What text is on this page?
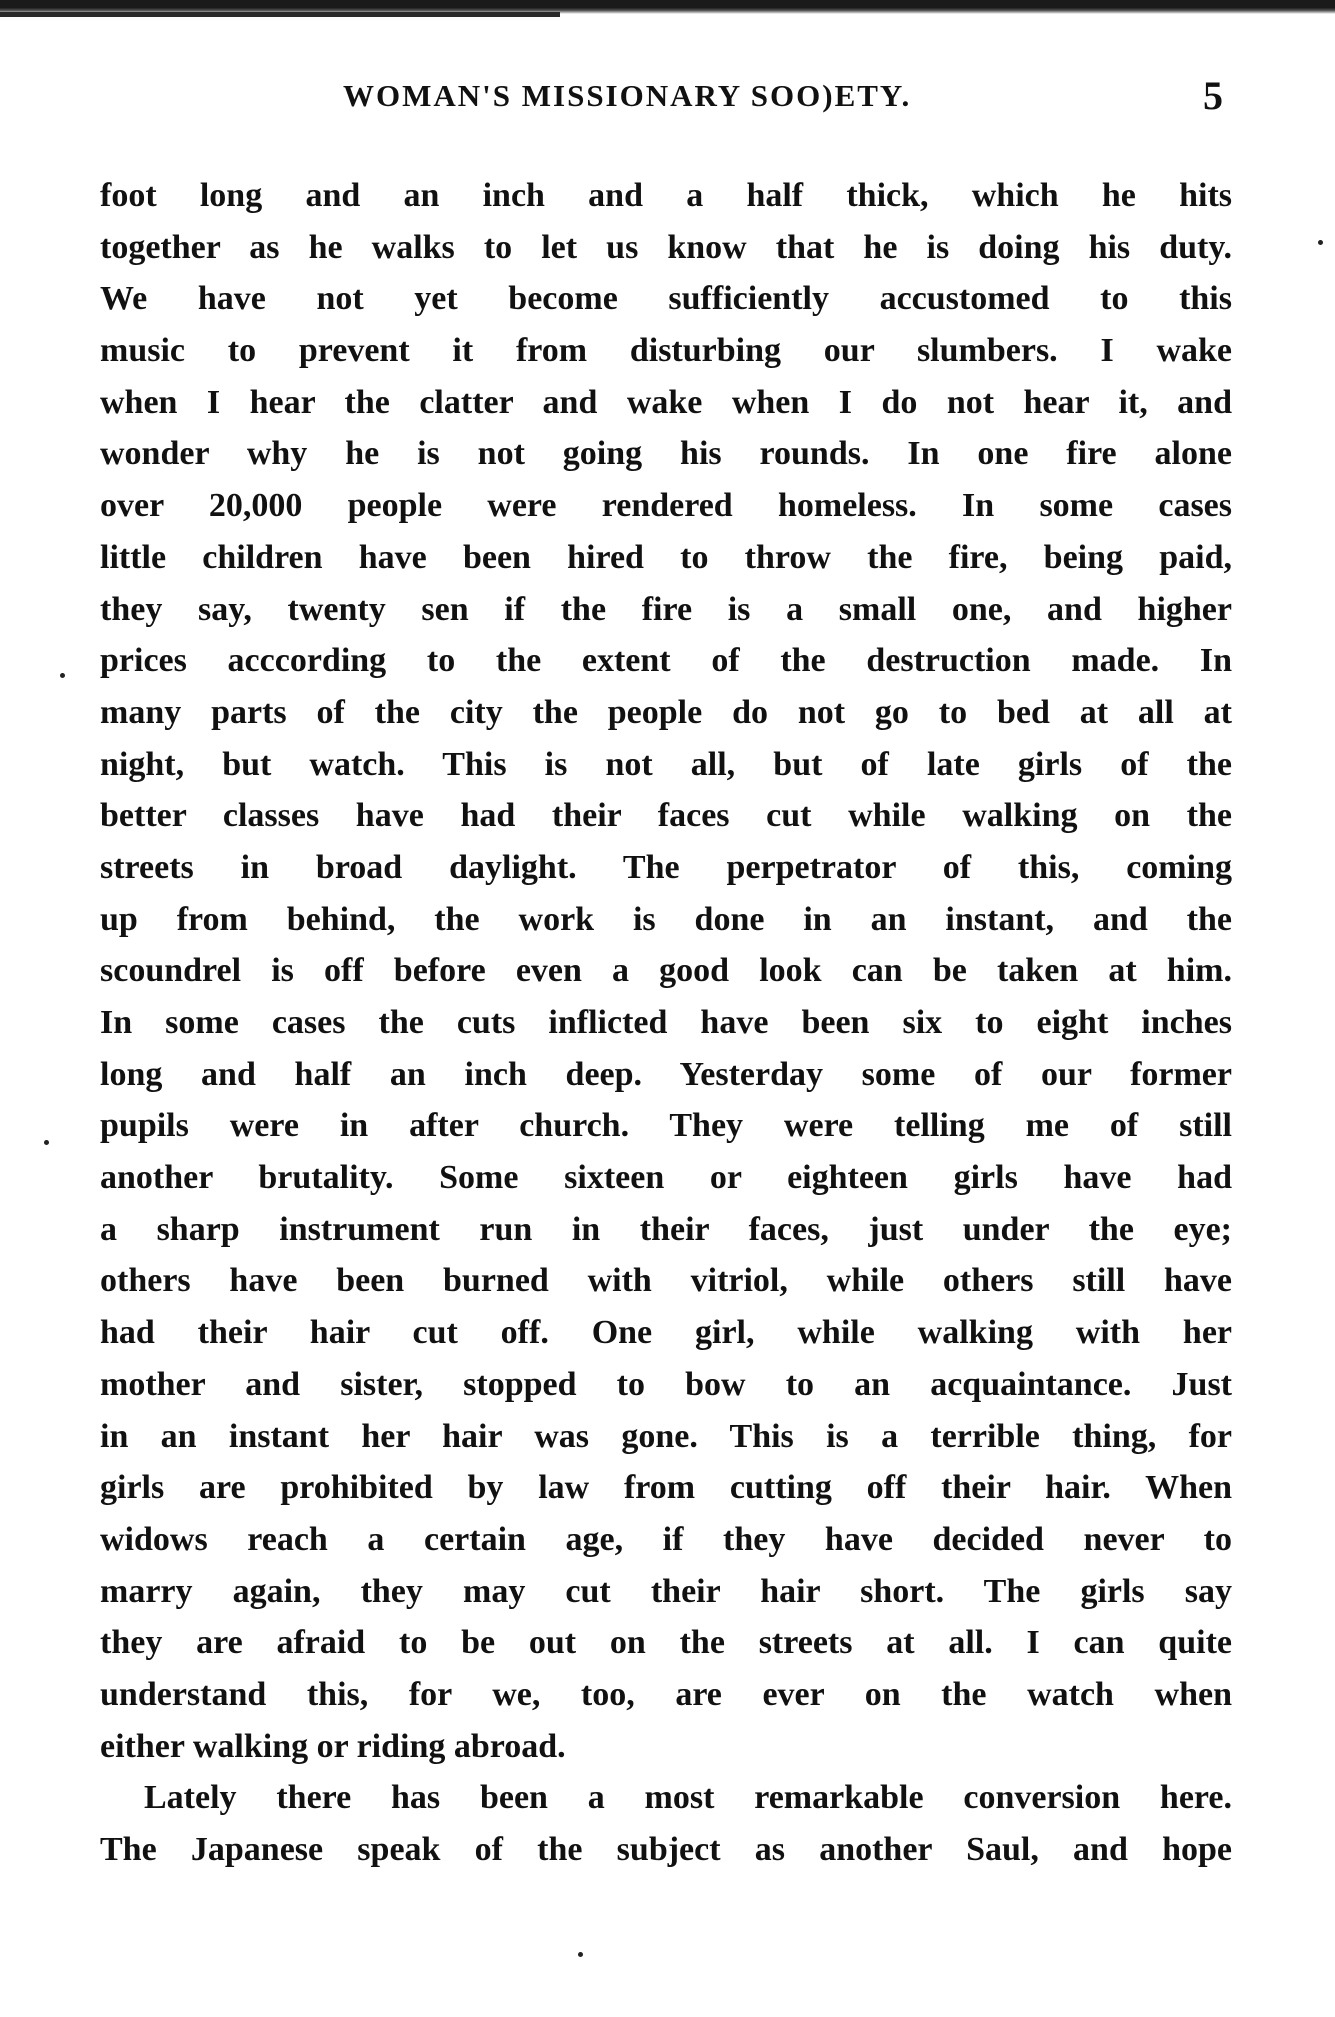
WOMAN'S MISSIONARY SOO)ETY.	5
foot long and an inch and a half thick, which he hits
together as he walks to let us know that he is doing his duty.
We have not yet become sufficiently accustomed to this
music to prevent it from disturbing our slumbers. I wake
when I hear the clatter and wake when I do not hear it, and
wonder why he is not going his rounds. In one fire alone
over 20,000 people were rendered homeless. In some cases
little children have been hired to throw the fire, being paid,
they say, twenty sen if the fire is a small one, and higher
prices acccording to the extent of the destruction made. In
many parts of the city the people do not go to bed at all at
night, but watch. This is not all, but of late girls of the
better classes have had their faces cut while walking on the
streets in broad daylight. The perpetrator of this, coming
up from behind, the work is done in an instant, and the
scoundrel is off before even a good look can be taken at him.
In some cases the cuts inflicted have been six to eight inches
long and half an inch deep. Yesterday some of our former
pupils were in after church. They were telling me of still
another brutality. Some sixteen or eighteen girls have had
a sharp instrument run in their faces, just under the eye;
others have been burned with vitriol, while others still have
had their hair cut off. One girl, while walking with her
mother and sister, stopped to bow to an acquaintance. Just
in an instant her hair was gone. This is a terrible thing, for
girls are prohibited by law from cutting off their hair. When
widows reach a certain age, if they have decided never to
marry again, they may cut their hair short. The girls say
they are afraid to be out on the streets at all. I can quite
understand this, for we, too, are ever on the watch when
either walking or riding abroad.
Lately there has been a most remarkable conversion here.
The Japanese speak of the subject as another Saul, and hope
